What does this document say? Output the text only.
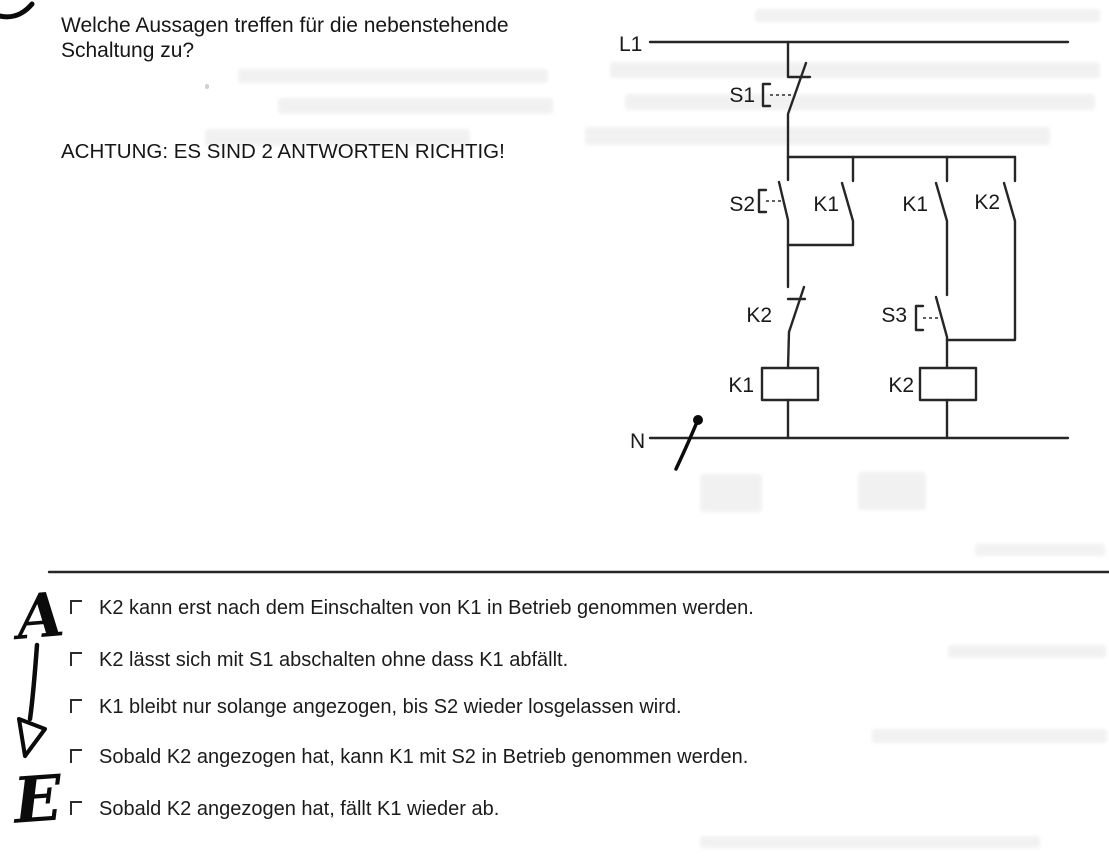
Welche Aussagen treffen für die nebenstehende Schaltung zu?
ACHTUNG: ES SIND 2 ANTWORTEN RICHTIG!
L1
N
S1
S2	K1	K1 K2
K2	S3
K1	K2
K2 kann erst nach dem Einschalten von K1 in Betrieb genommen werden.
K2 lässt sich mit S1 abschalten ohne dass K1 abfällt.
K1 bleibt nur solange angezogen, bis S2 wieder losgelassen wird.
Sobald K2 angezogen hat, kann K1 mit S2 in Betrieb genommen werden.
Sobald K2 angezogen hat, fällt K1 wieder ab.
A
E
